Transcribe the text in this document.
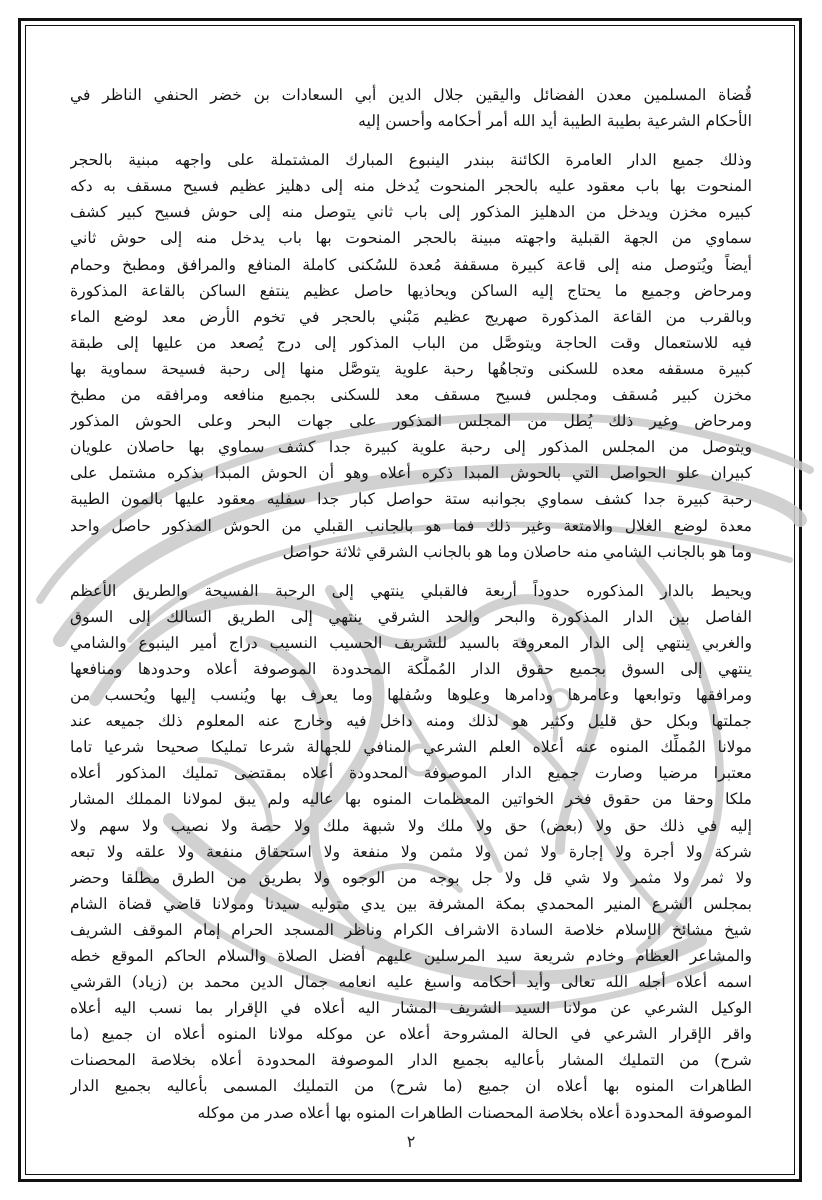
قُضاة المسلمين معدن الفضائل واليقين جلال الدين أبي السعادات بن خضر الحنفي الناظر في
الأحكام الشرعية بطيبة الطيبة أيد الله أمر أحكامه وأحسن إليه

وذلك جميع الدار العامرة الكائنة ببندر الينبوع المبارك المشتملة على واجهه مبنية بالحجر
المنحوت بها باب معقود عليه بالحجر المنحوت يُدخل منه إلى دهليز عظيم فسيح مسقف به دكه
كبيره مخزن ويدخل من الدهليز المذكور إلى باب ثاني يتوصل منه إلى حوش فسيح كبير كشف
سماوي من الجهة القبلية واجهته مبينة بالحجر المنحوت بها باب يدخل منه إلى حوش ثاني
أيضاً ويُتوصل منه إلى قاعة كبيرة مسقفة مُعدة للسُكنى كاملة المنافع والمرافق ومطبخ وحمام
ومرحاض وجميع ما يحتاج إليه الساكن ويحاذيها حاصل عظيم ينتفع الساكن بالقاعة المذكورة
وبالقرب من القاعة المذكورة صهريج عظيم مَبْني بالحجر في تخوم الأرض معد لوضع الماء
فيه للاستعمال وقت الحاجة ويتوصَّل من الباب المذكور إلى درج يُصعد من عليها إلى طبقة
كبيرة مسقفه معده للسكنى وتجاهُها رحبة علوية يتوصَّل منها إلى رحبة فسيحة سماوية بها
مخزن كبير مُسقف ومجلس فسيح مسقف معد للسكنى بجميع منافعه ومرافقه من مطبخ
ومرحاض وغير ذلك يُطل من المجلس المذكور على جهات البحر وعلى الحوش المذكور
ويتوصل من المجلس المذكور إلى رحبة علوية كبيرة جدا كشف سماوي بها حاصلان علويان
كبيران علو الحواصل التي بالحوش المبدا ذكره أعلاه وهو أن الحوش المبدا بذكره مشتمل على
رحبة كبيرة جدا كشف سماوي بجوانبه ستة حواصل كبار جدا سفليه معقود عليها بالمون الطيبة
معدة لوضع الغلال والامتعة وغير ذلك فما هو بالجانب القبلي من الحوش المذكور حاصل واحد
وما هو بالجانب الشامي منه حاصلان وما هو بالجانب الشرقي ثلاثة حواصل

ويحيط بالدار المذكوره حدوداً أربعة فالقبلي ينتهي إلى الرحبة الفسيحة والطريق الأعظم
الفاصل بين الدار المذكورة والبحر والحد الشرقي ينتهي إلى الطريق السالك إلى السوق
والغربي ينتهي إلى الدار المعروفة بالسيد للشريف الحسيب النسيب دراج أمير الينبوع والشامي
ينتهي إلى السوق بجميع حقوق الدار المُملَّكة المحدودة الموصوفة أعلاه وحدودها ومنافعها
ومرافقها وتوابعها وعامرها ودامرها وعلوها وسُفلها وما يعرف بها ويُنسب إليها ويُحسب من
جملتها وبكل حق قليل وكثير هو لذلك ومنه داخل فيه وخارج عنه المعلوم ذلك جميعه عند
مولانا المُملِّك المنوه عنه أعلاه العلم الشرعي المنافي للجهالة شرعا تمليكا صحيحا شرعيا تاما
معتبرا مرضيا وصارت جميع الدار الموصوفة المحدودة أعلاه بمقتضى تمليك المذكور أعلاه
ملكا وحقا من حقوق فخر الخواتين المعظمات المنوه بها عاليه ولم يبق لمولانا المملك المشار
إليه في ذلك حق ولا (بعض) حق ولا ملك ولا شبهة ملك ولا حصة ولا نصيب ولا سهم ولا
شركة ولا أجرة ولا إجارة ولا ثمن ولا مثمن ولا منفعة ولا استحقاق منفعة ولا علقه ولا تبعه
ولا ثمر ولا مثمر ولا شي قل ولا جل بوجه من الوجوه ولا بطريق من الطرق مطلقا وحضر
بمجلس الشرع المنير المحمدي بمكة المشرفة بين يدي متوليه سيدنا ومولانا قاضي قضاة الشام
شيخ مشائخ الإسلام خلاصة السادة الاشراف الكرام وناظر المسجد الحرام إمام الموقف الشريف
والمشاعر العظام وخادم شريعة سيد المرسلين عليهم أفضل الصلاة والسلام الحاكم الموقع خطه
اسمه أعلاه أجله الله تعالى وأيد أحكامه واسبغ عليه انعامه جمال الدين محمد بن (زياد) القرشي
الوكيل الشرعي عن مولانا السيد الشريف المشار اليه أعلاه في الإقرار بما نسب اليه أعلاه
واقر الإقرار الشرعي في الحالة المشروحة أعلاه عن موكله مولانا المنوه أعلاه ان جميع (ما
شرح) من التمليك المشار بأعاليه بجميع الدار الموصوفة المحدودة أعلاه بخلاصة المحصنات
الطاهرات المنوه بها أعلاه ان جميع (ما شرح) من التمليك المسمى بأعاليه بجميع الدار
الموصوفة المحدودة أعلاه بخلاصة المحصنات الطاهرات المنوه بها أعلاه صدر من موكله

٢
